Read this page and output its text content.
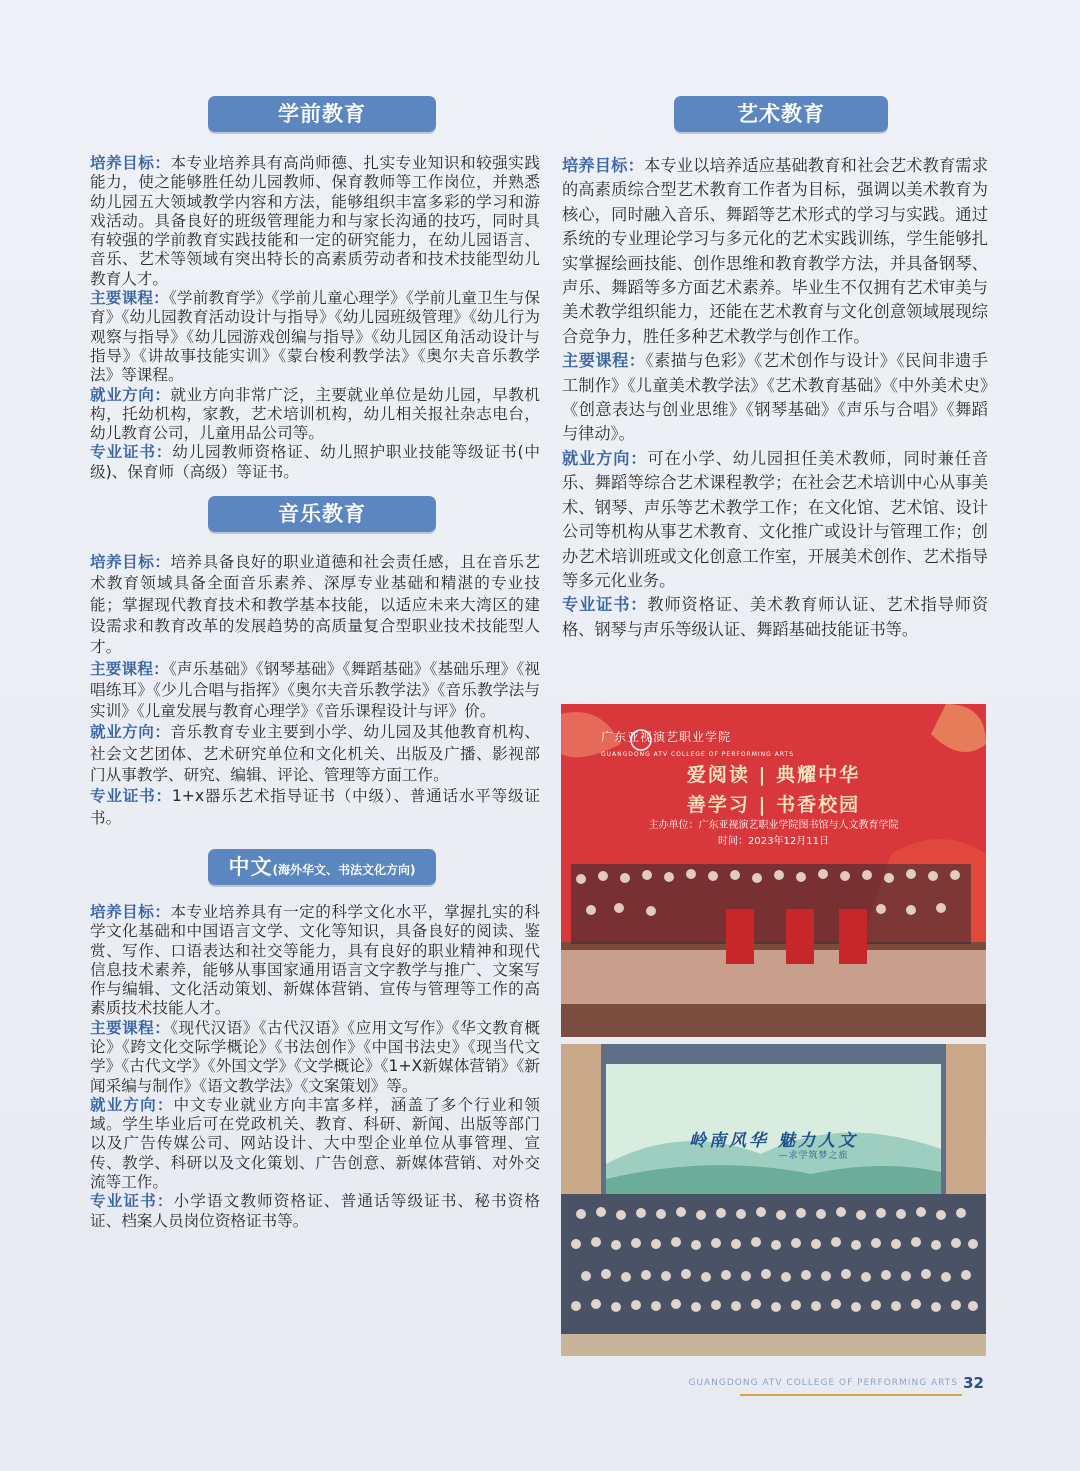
学前教育

培养目标：本专业培养具有高尚师德、扎实专业知识和较强实践能力，使之能够胜任幼儿园教师、保育教师等工作岗位，并熟悉幼儿园五大领域教学内容和方法，能够组织丰富多彩的学习和游戏活动。具备良好的班级管理能力和与家长沟通的技巧，同时具有较强的学前教育实践技能和一定的研究能力，在幼儿园语言、音乐、艺术等领域有突出特长的高素质劳动者和技术技能型幼儿教育人才。

主要课程：《学前教育学》《学前儿童心理学》《学前儿童卫生与保育》《幼儿园教育活动设计与指导》《幼儿园班级管理》《幼儿行为观察与指导》《幼儿园游戏创编与指导》《幼儿园区角活动设计与指导》《讲故事技能实训》《蒙台梭利教学法》《奥尔夫音乐教学法》等课程。

就业方向：就业方向非常广泛，主要就业单位是幼儿园，早教机构，托幼机构，家教，艺术培训机构，幼儿相关报社杂志电台，幼儿教育公司，儿童用品公司等。

专业证书：幼儿园教师资格证、幼儿照护职业技能等级证书(中级)、保育师（高级）等证书。

音乐教育

培养目标：培养具备良好的职业道德和社会责任感，且在音乐艺术教育领域具备全面音乐素养、深厚专业基础和精湛的专业技能；掌握现代教育技术和教学基本技能，以适应未来大湾区的建设需求和教育改革的发展趋势的高质量复合型职业技术技能型人才。

主要课程：《声乐基础》《钢琴基础》《舞蹈基础》《基础乐理》《视唱练耳》《少儿合唱与指挥》《奥尔夫音乐教学法》《音乐教学法与实训》《儿童发展与教育心理学》《音乐课程设计与评》价。

就业方向：音乐教育专业主要到小学、幼儿园及其他教育机构、社会文艺团体、艺术研究单位和文化机关、出版及广播、影视部门从事教学、研究、编辑、评论、管理等方面工作。

专业证书：1+x器乐艺术指导证书（中级）、普通话水平等级证书。

中文(海外华文、书法文化方向)

培养目标：本专业培养具有一定的科学文化水平，掌握扎实的科学文化基础和中国语言文学、文化等知识，具备良好的阅读、鉴赏、写作、口语表达和社交等能力，具有良好的职业精神和现代信息技术素养，能够从事国家通用语言文字教学与推广、文案写作与编辑、文化活动策划、新媒体营销、宣传与管理等工作的高素质技术技能人才。

主要课程：《现代汉语》《古代汉语》《应用文写作》《华文教育概论》《跨文化交际学概论》《书法创作》《中国书法史》《现当代文学》《古代文学》《外国文学》《文学概论》《1+X新媒体营销》《新闻采编与制作》《语文教学法》《文案策划》等。

就业方向：中文专业就业方向丰富多样，涵盖了多个行业和领域。学生毕业后可在党政机关、教育、科研、新闻、出版等部门以及广告传媒公司、网站设计、大中型企业单位从事管理、宣传、教学、科研以及文化策划、广告创意、新媒体营销、对外交流等工作。

专业证书：小学语文教师资格证、普通话等级证书、秘书资格证、档案人员岗位资格证书等。

艺术教育

培养目标：本专业以培养适应基础教育和社会艺术教育需求的高素质综合型艺术教育工作者为目标，强调以美术教育为核心，同时融入音乐、舞蹈等艺术形式的学习与实践。通过系统的专业理论学习与多元化的艺术实践训练，学生能够扎实掌握绘画技能、创作思维和教育教学方法，并具备钢琴、声乐、舞蹈等多方面艺术素养。毕业生不仅拥有艺术审美与美术教学组织能力，还能在艺术教育与文化创意领域展现综合竞争力，胜任多种艺术教学与创作工作。

主要课程：《素描与色彩》《艺术创作与设计》《民间非遗手工制作》《儿童美术教学法》《艺术教育基础》《中外美术史》《创意表达与创业思维》《钢琴基础》《声乐与合唱》《舞蹈与律动》。

就业方向：可在小学、幼儿园担任美术教师，同时兼任音乐、舞蹈等综合艺术课程教学；在社会艺术培训中心从事美术、钢琴、声乐等艺术教学工作；在文化馆、艺术馆、设计公司等机构从事艺术教育、文化推广或设计与管理工作；创办艺术培训班或文化创意工作室，开展美术创作、艺术指导等多元化业务。

专业证书：教师资格证、美术教育师认证、艺术指导师资格、钢琴与声乐等级认证、舞蹈基础技能证书等。

广东亚视演艺职业学院
GUANGDONG ATV COLLEGE OF PERFORMING ARTS
爱阅读 | 典耀中华
善学习 | 书香校园
主办单位：广东亚视演艺职业学院图书馆与人文教育学院
时间：2023年12月11日
岭南风华 魅力人文
—求学筑梦之旅
GUANGDONG ATV COLLEGE OF PERFORMING ARTS 32
